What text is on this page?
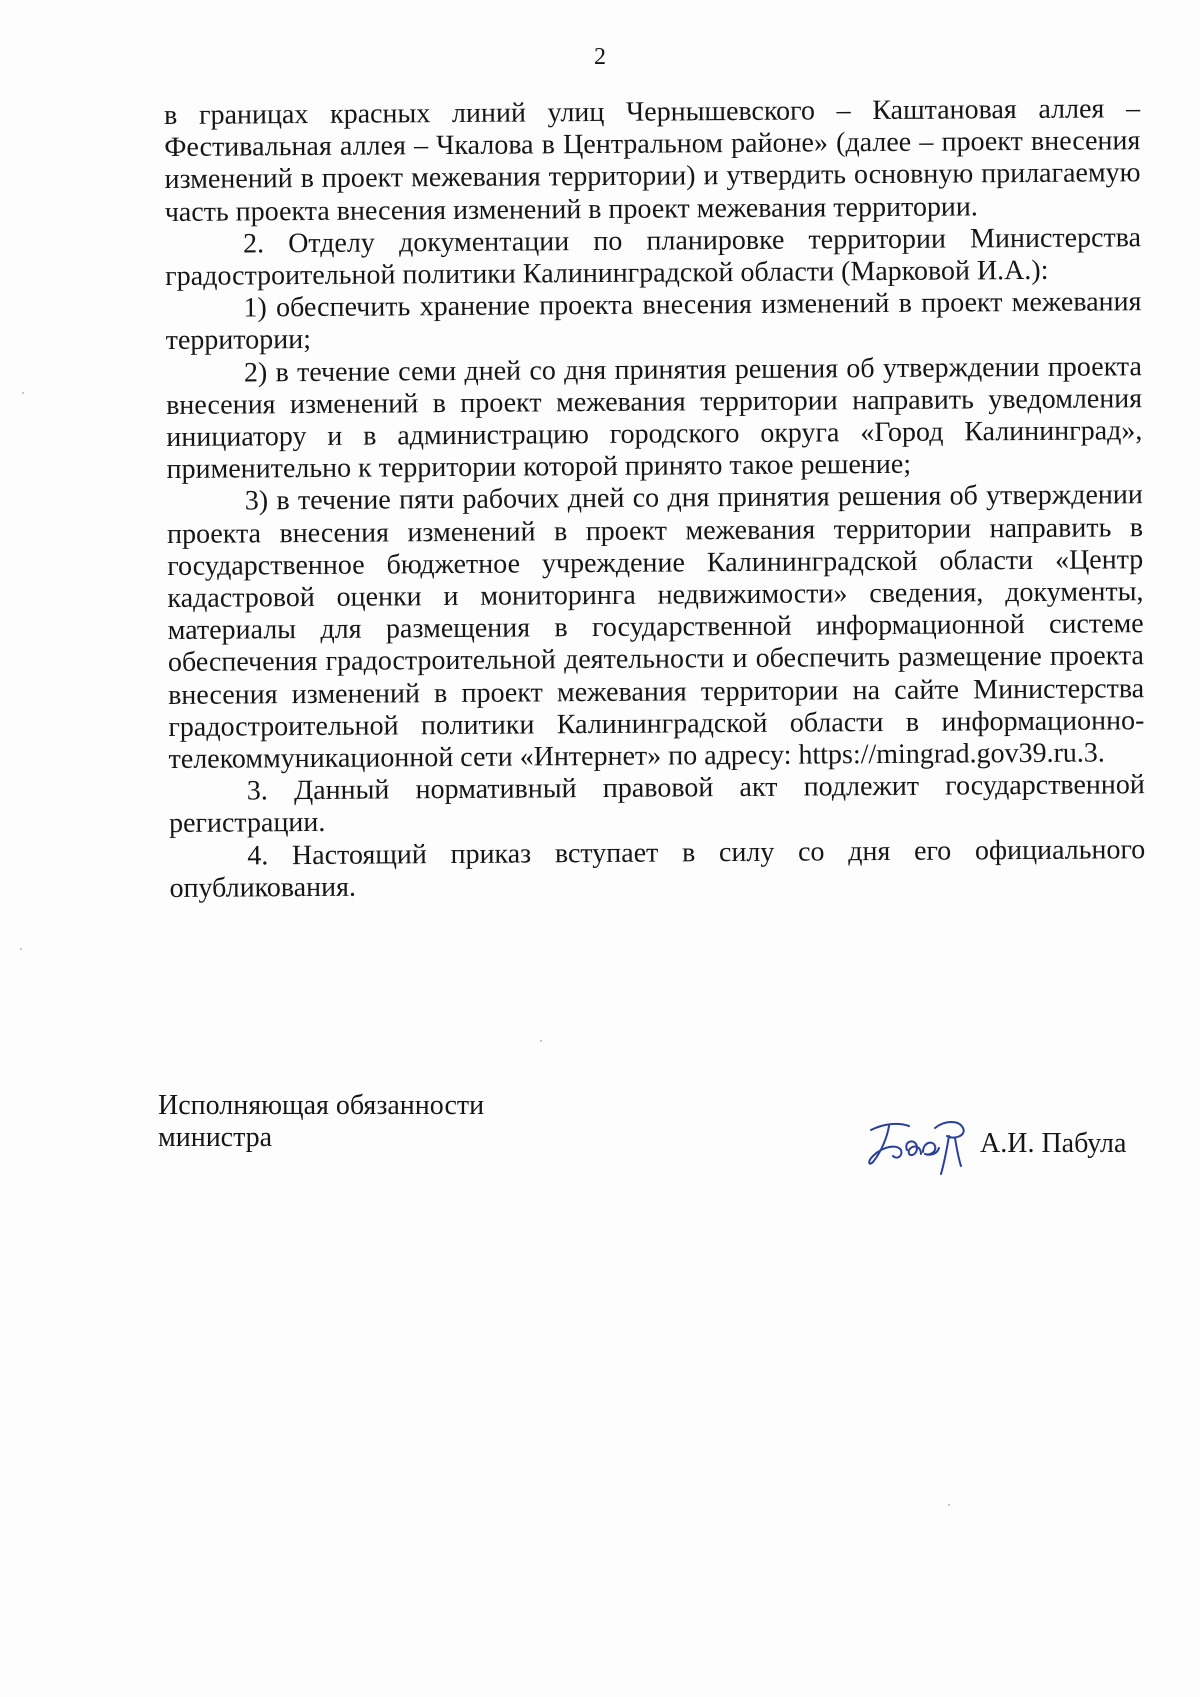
2

в границах красных линий улиц Чернышевского – Каштановая аллея – Фестивальная аллея – Чкалова в Центральном районе» (далее – проект внесения изменений в проект межевания территории) и утвердить основную прилагаемую часть проекта внесения изменений в проект межевания территории.

2. Отделу документации по планировке территории Министерства градостроительной политики Калининградской области (Марковой И.А.):

1) обеспечить хранение проекта внесения изменений в проект межевания территории;

2) в течение семи дней со дня принятия решения об утверждении проекта внесения изменений в проект межевания территории направить уведомления инициатору и в администрацию городского округа «Город Калининград», применительно к территории которой принято такое решение;

3) в течение пяти рабочих дней со дня принятия решения об утверждении проекта внесения изменений в проект межевания территории направить в государственное бюджетное учреждение Калининградской области «Центр кадастровой оценки и мониторинга недвижимости» сведения, документы, материалы для размещения в государственной информационной системе обеспечения градостроительной деятельности и обеспечить размещение проекта внесения изменений в проект межевания территории на сайте Министерства градостроительной политики Калининградской области в информационно-телекоммуникационной сети «Интернет» по адресу: https://mingrad.gov39.ru.3.

3. Данный нормативный правовой акт подлежит государственной регистрации.

4. Настоящий приказ вступает в силу со дня его официального опубликования.

Исполняющая обязанности
министра	А.И. Пабула
